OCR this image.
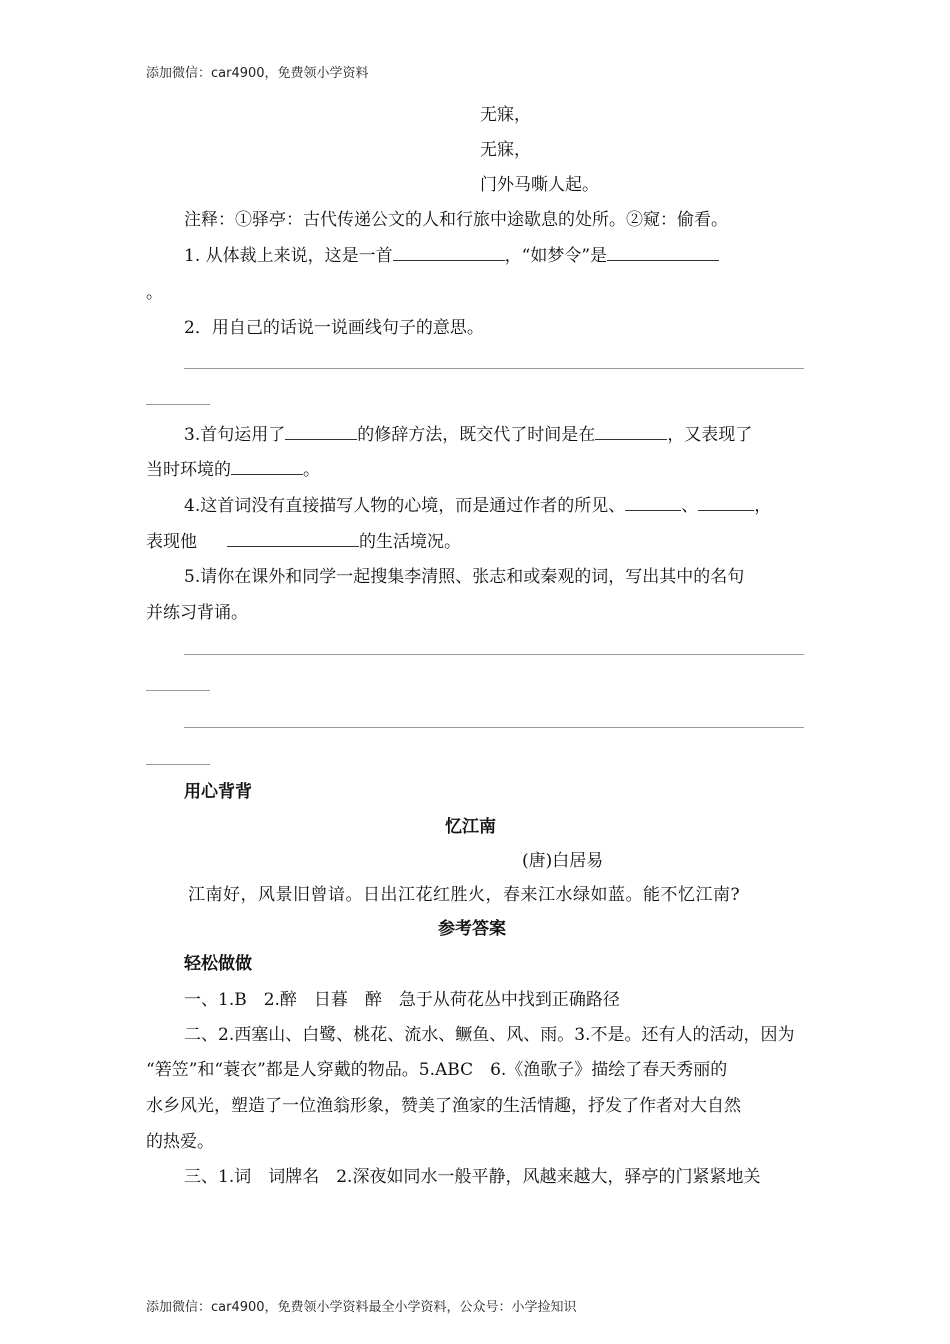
添加微信：car4900，免费领小学资料
无寐，
无寐，
门外马嘶人起。
注释：①驿亭：古代传递公文的人和行旅中途歇息的处所。②窥：偷看。
1. 从体裁上来说，这是一首	，“如梦令”是
。
2．用自己的话说一说画线句子的意思。
3.首句运用了	的修辞方法，既交代了时间是在	，又表现了
当时环境的	。
4.这首词没有直接描写人物的心境，而是通过作者的所见、	、	，
表现他	的生活境况。
5.请你在课外和同学一起搜集李清照、张志和或秦观的词，写出其中的名句
并练习背诵。
用心背背
忆江南
(唐)白居易
江南好，风景旧曾谙。日出江花红胜火，春来江水绿如蓝。能不忆江南?
参考答案
轻松做做
一、1.B　2.醉　日暮　醉　急于从荷花丛中找到正确路径
二、2.西塞山、白鹭、桃花、流水、鳜鱼、风、雨。3.不是。还有人的活动，因为
“箬笠”和“蓑衣”都是人穿戴的物品。5.ABC　6.《渔歌子》描绘了春天秀丽的
水乡风光，塑造了一位渔翁形象，赞美了渔家的生活情趣，抒发了作者对大自然
的热爱。
三、1.词　词牌名　2.深夜如同水一般平静，风越来越大，驿亭的门紧紧地关
添加微信：car4900，免费领小学资料最全小学资料，公众号：小学捡知识
